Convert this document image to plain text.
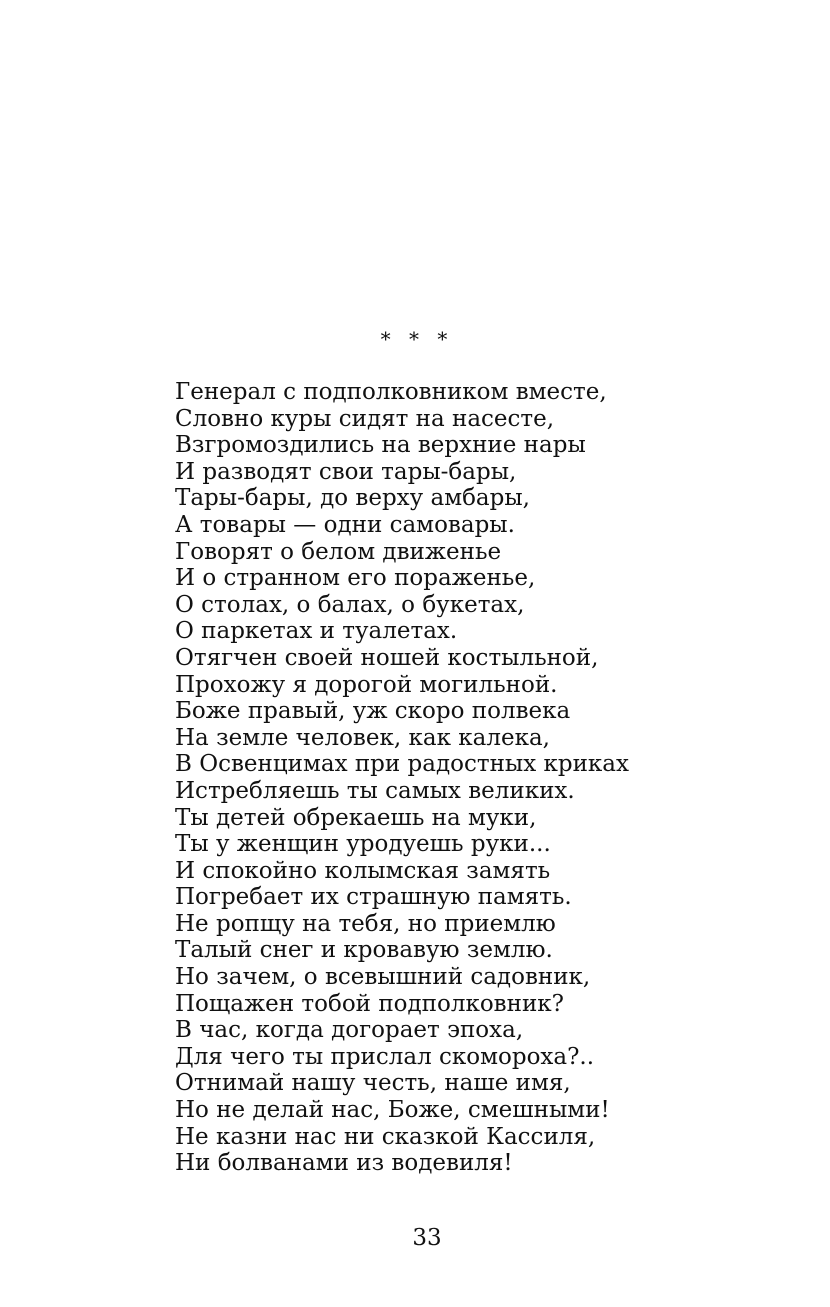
* * *
Генерал с подполковником вместе,
Словно куры сидят на насесте,
Взгромоздились на верхние нары
И разводят свои тары-бары,
Тары-бары, до верху амбары,
А товары — одни самовары.
Говорят о белом движенье
И о странном его пораженье,
О столах, о балах, о букетах,
О паркетах и туалетах.
Отягчен своей ношей костыльной,
Прохожу я дорогой могильной.
Боже правый, уж скоро полвека
На земле человек, как калека,
В Освенцимах при радостных криках
Истребляешь ты самых великих.
Ты детей обрекаешь на муки,
Ты у женщин уродуешь руки...
И спокойно колымская замять
Погребает их страшную память.
Не ропщу на тебя, но приемлю
Талый снег и кровавую землю.
Но зачем, о всевышний садовник,
Пощажен тобой подполковник?
В час, когда догорает эпоха,
Для чего ты прислал скомороха?..
Отнимай нашу честь, наше имя,
Но не делай нас, Боже, смешными!
Не казни нас ни сказкой Кассиля,
Ни болванами из водевиля!
33
